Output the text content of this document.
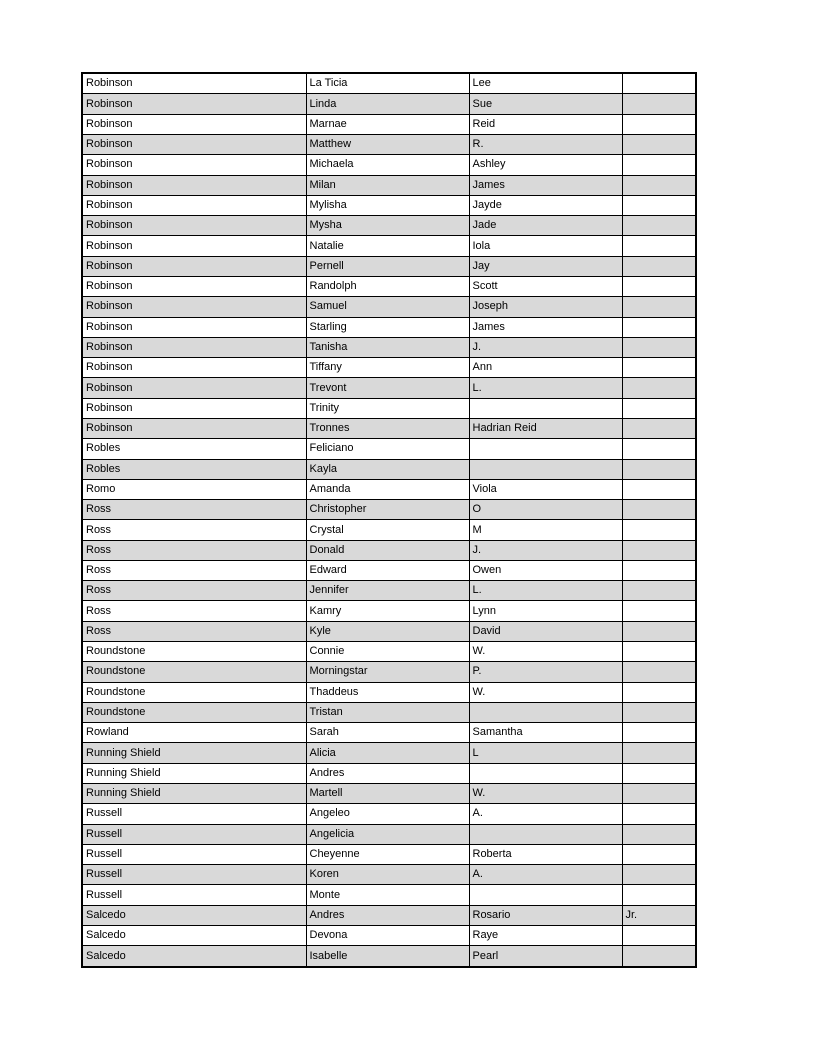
Robinson	La Ticia	Lee	
Robinson	Linda	Sue	
Robinson	Marnae	Reid	
Robinson	Matthew	R.	
Robinson	Michaela	Ashley	
Robinson	Milan	James	
Robinson	Mylisha	Jayde	
Robinson	Mysha	Jade	
Robinson	Natalie	Iola	
Robinson	Pernell	Jay	
Robinson	Randolph	Scott	
Robinson	Samuel	Joseph	
Robinson	Starling	James	
Robinson	Tanisha	J.	
Robinson	Tiffany	Ann	
Robinson	Trevont	L.	
Robinson	Trinity		
Robinson	Tronnes	Hadrian Reid	
Robles	Feliciano		
Robles	Kayla		
Romo	Amanda	Viola	
Ross	Christopher	O	
Ross	Crystal	M	
Ross	Donald	J.	
Ross	Edward	Owen	
Ross	Jennifer	L.	
Ross	Kamry	Lynn	
Ross	Kyle	David	
Roundstone	Connie	W.	
Roundstone	Morningstar	P.	
Roundstone	Thaddeus	W.	
Roundstone	Tristan		
Rowland	Sarah	Samantha	
Running Shield	Alicia	L	
Running Shield	Andres		
Running Shield	Martell	W.	
Russell	Angeleo	A.	
Russell	Angelicia		
Russell	Cheyenne	Roberta	
Russell	Koren	A.	
Russell	Monte		
Salcedo	Andres	Rosario	Jr.
Salcedo	Devona	Raye	
Salcedo	Isabelle	Pearl	
